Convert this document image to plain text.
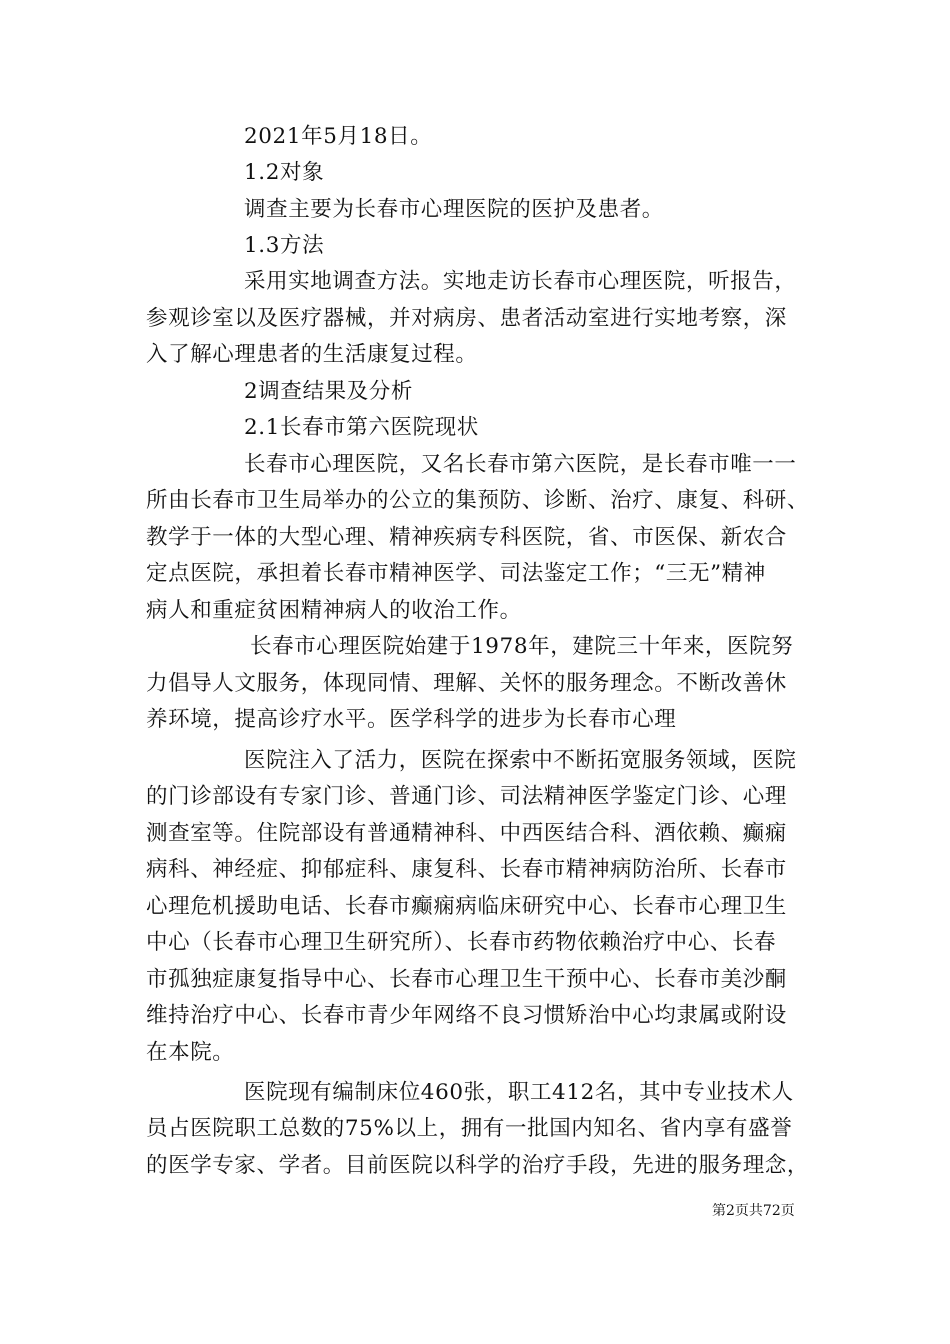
2021年5月18日。
1.2对象
调查主要为长春市心理医院的医护及患者。
1.3方法
采用实地调查方法。实地走访长春市心理医院，听报告，
参观诊室以及医疗器械，并对病房、患者活动室进行实地考察，深
入了解心理患者的生活康复过程。
2调查结果及分析
2.1长春市第六医院现状
长春市心理医院，又名长春市第六医院，是长春市唯一一
所由长春市卫生局举办的公立的集预防、诊断、治疗、康复、科研、
教学于一体的大型心理、精神疾病专科医院，省、市医保、新农合
定点医院，承担着长春市精神医学、司法鉴定工作；“三无”精神
病人和重症贫困精神病人的收治工作。
长春市心理医院始建于1978年，建院三十年来，医院努
力倡导人文服务，体现同情、理解、关怀的服务理念。不断改善休
养环境，提高诊疗水平。医学科学的进步为长春市心理
医院注入了活力，医院在探索中不断拓宽服务领域，医院
的门诊部设有专家门诊、普通门诊、司法精神医学鉴定门诊、心理
测查室等。住院部设有普通精神科、中西医结合科、酒依赖、癫痫
病科、神经症、抑郁症科、康复科、长春市精神病防治所、长春市
心理危机援助电话、长春市癫痫病临床研究中心、长春市心理卫生
中心（长春市心理卫生研究所）、长春市药物依赖治疗中心、长春
市孤独症康复指导中心、长春市心理卫生干预中心、长春市美沙酮
维持治疗中心、长春市青少年网络不良习惯矫治中心均隶属或附设
在本院。
医院现有编制床位460张，职工412名，其中专业技术人
员占医院职工总数的75%以上，拥有一批国内知名、省内享有盛誉
的医学专家、学者。目前医院以科学的治疗手段，先进的服务理念，
第2页共72页
